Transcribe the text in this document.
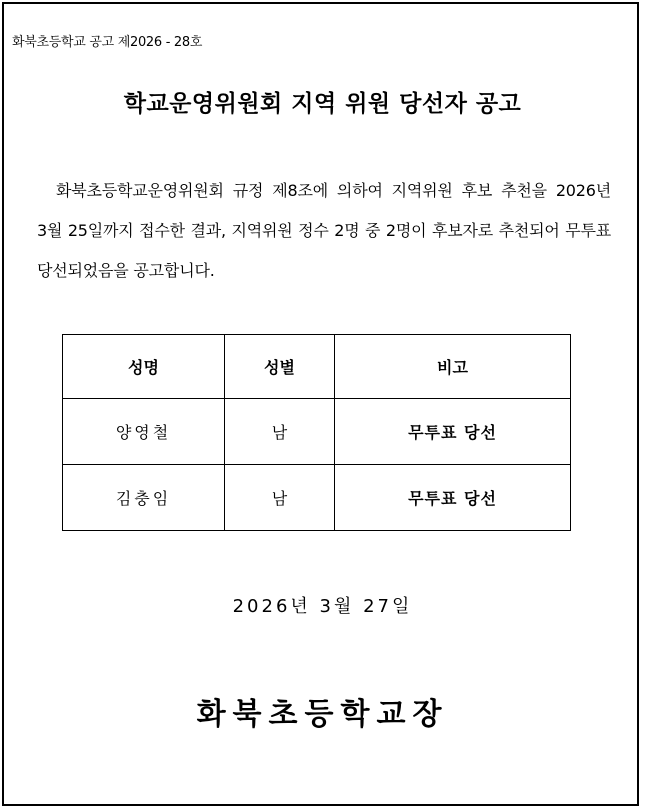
화북초등학교 공고 제2026 - 28호
학교운영위원회 지역 위원 당선자 공고

화북초등학교운영위원회 규정 제8조에 의하여 지역위원 후보 추천을 2026년 3월 25일까지 접수한 결과, 지역위원 정수 2명 중 2명이 후보자로 추천되어 무투표 당선되었음을 공고합니다.

성명	성별	비고
양영철	남	무투표 당선
김충임	남	무투표 당선
2026년 3월 27일
화북초등학교장
